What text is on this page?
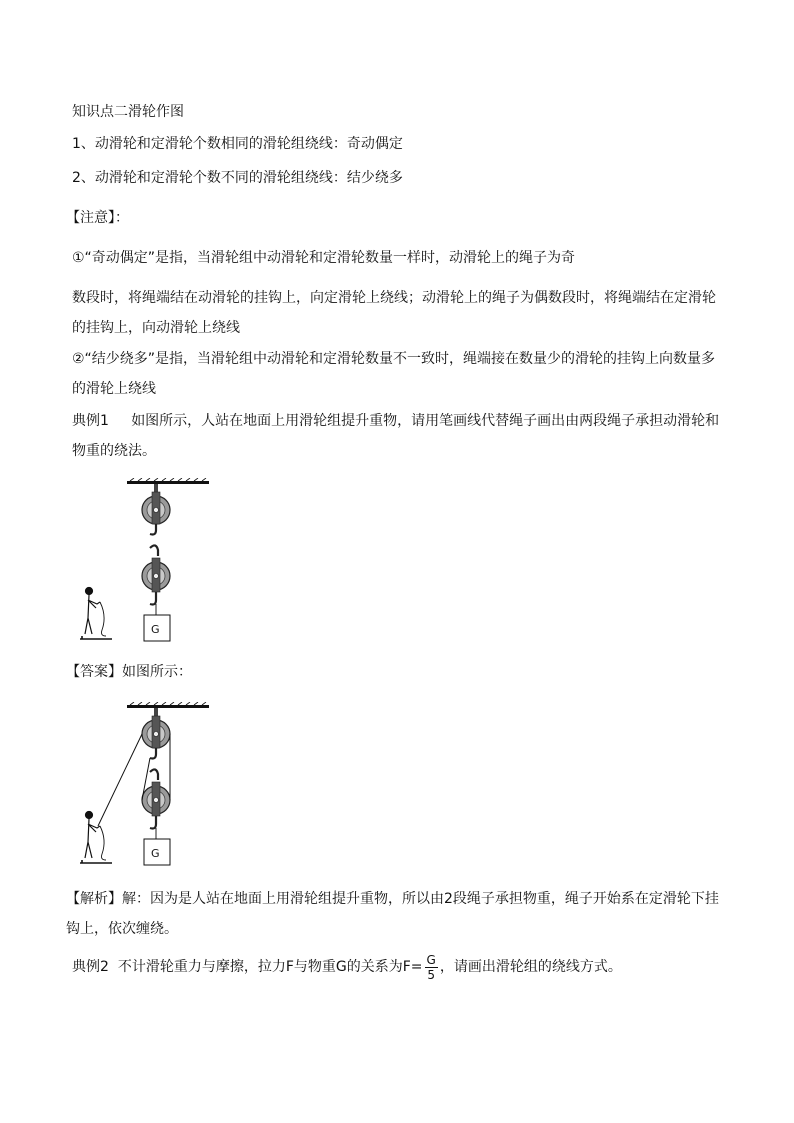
知识点二滑轮作图
1、动滑轮和定滑轮个数相同的滑轮组绕线：奇动偶定
2、动滑轮和定滑轮个数不同的滑轮组绕线：结少绕多
【注意】：
①“奇动偶定”是指，当滑轮组中动滑轮和定滑轮数量一样时，动滑轮上的绳子为奇
数段时，将绳端结在动滑轮的挂钩上，向定滑轮上绕线；动滑轮上的绳子为偶数段时，将绳端结在定滑轮的挂钩上，向动滑轮上绕线
②“结少绕多”是指，当滑轮组中动滑轮和定滑轮数量不一致时，绳端接在数量少的滑轮的挂钩上向数量多的滑轮上绕线
典例1 如图所示，人站在地面上用滑轮组提升重物，请用笔画线代替绳子画出由两段绳子承担动滑轮和物重的绕法。
G
【答案】如图所示：
G
【解析】解：因为是人站在地面上用滑轮组提升重物，所以由2段绳子承担物重，绳子开始系在定滑轮下挂钩上，依次缠绕。
典例2 不计滑轮重力与摩擦，拉力F与物重G的关系为$F= \frac{G}{5}$ ，请画出滑轮组的绕线方式。
